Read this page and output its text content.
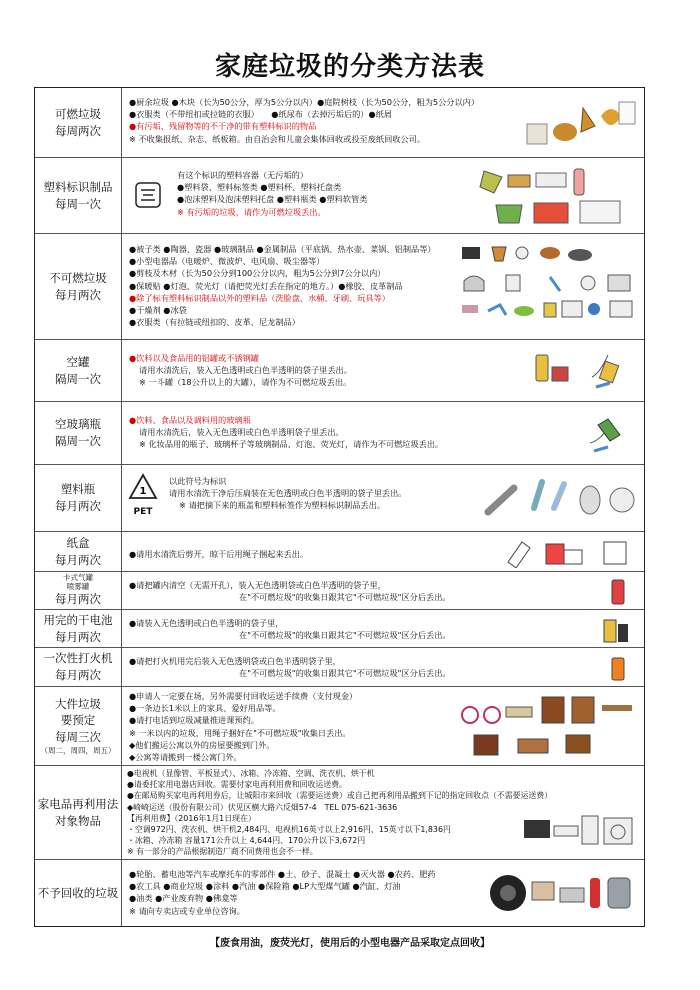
家庭垃圾的分类方法表
可燃垃圾
每周两次
●厨余垃圾 ●木块（长为50公分，厚为5公分以内）●庭院树枝（长为50公分，粗为5公分以内）
●衣服类（不带纽扣或拉链的衣服）　　●纸尿布（去掉污垢后的）●纸屑
●有污垢、残留物等的不干净的带有塑料标识的物品
※ 不收集报纸、杂志、纸板箱。由自治会和儿童会集体回收或投至废纸回收公司。
塑料标识制品
每周一次
有这个标识的塑料容器（无污垢的）
●塑料袋、塑料标签类 ●塑料杯、塑料托盘类
●泡沫塑料及泡沫塑料托盘 ●塑料瓶类 ●塑料软管类
※ 有污垢的垃圾，请作为可燃垃圾丢出。
不可燃垃圾
每月两次
●被子类 ●陶器、瓷器 ●玻璃制品 ●金属制品（平底锅、热水壶、菜锅、铝制品等）
●小型电器品（电暖炉、微波炉、电风扇、吸尘器等）
●剪枝及木材（长为50公分到100公分以内，粗为5公分到7公分以内）
●保暖贴 ●灯泡、荧光灯（请把荧光灯丢在指定的地方。）●橡胶、皮革制品
●除了标有塑料标识制品以外的塑料品（洗脸盘、水桶、牙刷、玩具等）
●干燥剂 ●冰袋
●衣服类（有拉链或纽扣的、皮革、尼龙制品）
空罐
隔周一次
●饮料以及食品用的铝罐或不锈钢罐
请用水清洗后，装入无色透明或白色半透明的袋子里丢出。
※ 一斗罐（18公升以上的大罐），请作为不可燃垃圾丢出。
空玻璃瓶
隔周一次
●饮料、食品以及调料用的玻璃瓶
请用水清洗后，装入无色透明或白色半透明袋子里丢出。
※ 化妆品用的瓶子、玻璃杯子等玻璃制品、灯泡、荧光灯，请作为不可燃垃圾丢出。
塑料瓶
每月两次
1
PET
以此符号为标识
请用水清洗干净后压扁装在无色透明或白色半透明的袋子里丢出。
※ 请把摘下来的瓶盖和塑料标签作为塑料标识制品丢出。
纸盒
每月两次	●请用水清洗后剪开，晾干后用绳子捆起来丢出。
卡式气罐
喷雾罐
每月两次
●请把罐内清空（无需开孔），装入无色透明袋或白色半透明的袋子里，
在"不可燃垃圾"的收集日跟其它"不可燃垃圾"区分后丢出。
用完的干电池
每月两次
●请装入无色透明或白色半透明的袋子里，
在"不可燃垃圾"的收集日跟其它"不可燃垃圾"区分后丢出。
一次性打火机
每月两次
●请把打火机用完后装入无色透明袋或白色半透明袋子里，
在"不可燃垃圾"的收集日跟其它"不可燃垃圾"区分后丢出。
大件垃圾
要预定
每周三次
（周二，周四，周五）
●申请人一定要在场，另外需要付回收运送手续费（支付现金）
●一条边长1米以上的家具、爱好用品等。
●请打电话到垃圾减量推进课预约。
※ 一米以内的垃圾，用绳子捆好在"不可燃垃圾"收集日丢出。
◆他们搬运公寓以外的房屋要搬到门外。
◆公寓等请搬到一楼公寓门外。
家电品再利用法
对象物品
●电视机（显像管、平板显式）、冰箱、冷冻箱、空调、洗衣机、烘干机
●请委托家用电器店回收。需要付家电再利用费和回收运送费。
●在邮局购买家电再利用券后，让城阳市来回收（需要运送费）或自己把再利用品搬到下记的指定回收点（不需要运送费）
◆崎崎运送（股份有限公司）伏见区横大路六反畑57-4　TEL 075-621-3636
【再利用费】（2016年1月1日现在）
・空调972円、洗衣机、烘干机2,484円、电视机16英寸以上2,916円、15英寸以下1,836円
・冰箱、冷冻箱 容量171公升以上 4,644円、170公升以下3,672円
※ 有一部分的产品根据制造厂商不同费用也会不一样。
不予回收的垃圾
●轮胎、蓄电池等汽车或摩托车的零部件 ●土、砂子、混凝土 ●灭火器 ●农药、肥药
●农工具 ●商业垃圾 ●涂料 ●汽油 ●保险箱 ●LP大型煤气罐 ●汽缸、灯油
●油类 ●产业废弃物 ●佛龛等
※ 请向专卖店或专业单位咨询。
【废食用油，废荧光灯，使用后的小型电器产品采取定点回收】
